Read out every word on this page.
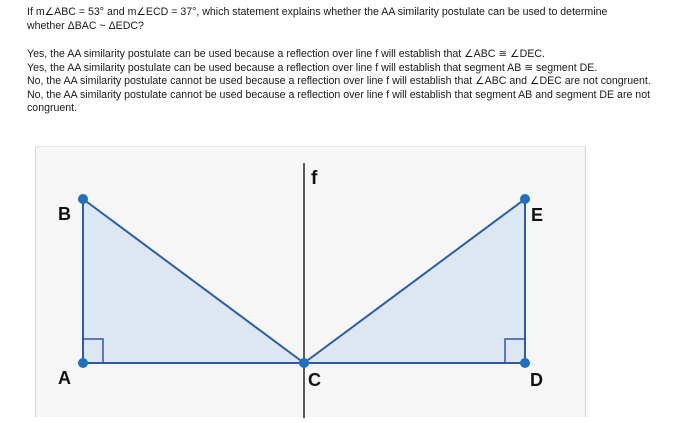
If m∠ABC = 53° and m∠ECD = 37°, which statement explains whether the AA similarity postulate can be used to determine

whether ΔBAC ~ ΔEDC?

Yes, the AA similarity postulate can be used because a reflection over line f will establish that ∠ABC ≅ ∠DEC.

Yes, the AA similarity postulate can be used because a reflection over line f will establish that segment AB ≅ segment DE.

No, the AA similarity postulate cannot be used because a reflection over line f will establish that ∠ABC and ∠DEC are not congruent.

No, the AA similarity postulate cannot be used because a reflection over line f will establish that segment AB and segment DE are not congruent.

f
B
A	C	D
E
